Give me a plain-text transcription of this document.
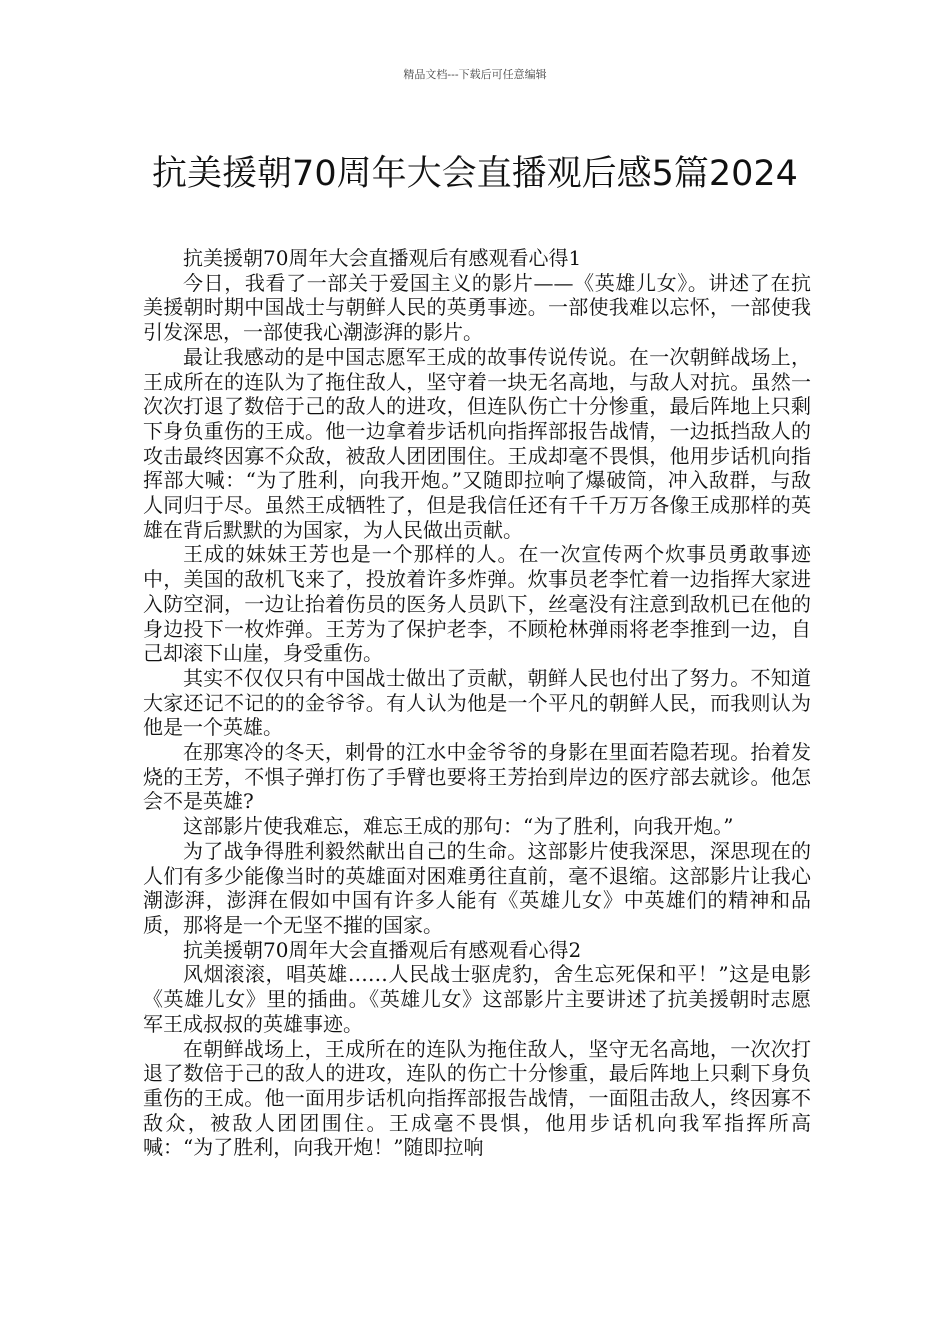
精品文档---下载后可任意编辑
抗美援朝70周年大会直播观后感5篇2024

抗美援朝70周年大会直播观后有感观看心得1

今日，我看了一部关于爱国主义的影片——《英雄儿女》。讲述了在抗美援朝时期中国战士与朝鲜人民的英勇事迹。一部使我难以忘怀，一部使我引发深思，一部使我心潮澎湃的影片。

最让我感动的是中国志愿军王成的故事传说传说。在一次朝鲜战场上，王成所在的连队为了拖住敌人，坚守着一块无名高地，与敌人对抗。虽然一次次打退了数倍于己的敌人的进攻，但连队伤亡十分惨重，最后阵地上只剩下身负重伤的王成。他一边拿着步话机向指挥部报告战情，一边抵挡敌人的攻击最终因寡不众敌，被敌人团团围住。王成却毫不畏惧，他用步话机向指挥部大喊：“为了胜利，向我开炮。”又随即拉响了爆破筒，冲入敌群，与敌人同归于尽。虽然王成牺牲了，但是我信任还有千千万万各像王成那样的英雄在背后默默的为国家，为人民做出贡献。

王成的妹妹王芳也是一个那样的人。在一次宣传两个炊事员勇敢事迹中，美国的敌机飞来了，投放着许多炸弹。炊事员老李忙着一边指挥大家进入防空洞，一边让抬着伤员的医务人员趴下，丝毫没有注意到敌机已在他的身边投下一枚炸弹。王芳为了保护老李，不顾枪林弹雨将老李推到一边，自己却滚下山崖，身受重伤。

其实不仅仅只有中国战士做出了贡献，朝鲜人民也付出了努力。不知道大家还记不记的的金爷爷。有人认为他是一个平凡的朝鲜人民，而我则认为他是一个英雄。

在那寒冷的冬天，刺骨的江水中金爷爷的身影在里面若隐若现。抬着发烧的王芳，不惧子弹打伤了手臂也要将王芳抬到岸边的医疗部去就诊。他怎会不是英雄?

这部影片使我难忘，难忘王成的那句：“为了胜利，向我开炮。”

为了战争得胜利毅然献出自己的生命。这部影片使我深思，深思现在的人们有多少能像当时的英雄面对困难勇往直前，毫不退缩。这部影片让我心潮澎湃，澎湃在假如中国有许多人能有《英雄儿女》中英雄们的精神和品质，那将是一个无坚不摧的国家。

抗美援朝70周年大会直播观后有感观看心得2

风烟滚滚，唱英雄……人民战士驱虎豹，舍生忘死保和平！”这是电影《英雄儿女》里的插曲。《英雄儿女》这部影片主要讲述了抗美援朝时志愿军王成叔叔的英雄事迹。

在朝鲜战场上，王成所在的连队为拖住敌人，坚守无名高地，一次次打退了数倍于己的敌人的进攻，连队的伤亡十分惨重，最后阵地上只剩下身负重伤的王成。他一面用步话机向指挥部报告战情，一面阻击敌人，终因寡不敌众，被敌人团团围住。王成毫不畏惧，他用步话机向我军指挥所高喊：“为了胜利，向我开炮！”随即拉响
